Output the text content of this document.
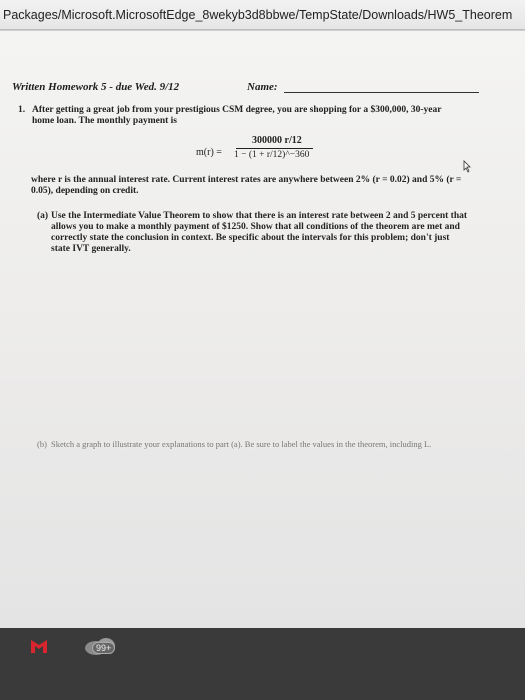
Packages/Microsoft.MicrosoftEdge_8wekyb3d8bbwe/TempState/Downloads/HW5_Theorem
Written Homework 5 - due Wed. 9/12	Name:
1. After getting a great job from your prestigious CSM degree, you are shopping for a $300,000, 30-year home loan. The monthly payment is
m(r) =
300000 r/12
1 − (1 + r/12)^−360
where r is the annual interest rate. Current interest rates are anywhere between 2% (r = 0.02) and 5% (r = 0.05), depending on credit.
(a) Use the Intermediate Value Theorem to show that there is an interest rate between 2 and 5 percent that allows you to make a monthly payment of $1250. Show that all conditions of the theorem are met and correctly state the conclusion in context. Be specific about the intervals for this problem; don't just state IVT generally.
(b) Sketch a graph to illustrate your explanations to part (a). Be sure to label the values in the theorem, including L.
99+
